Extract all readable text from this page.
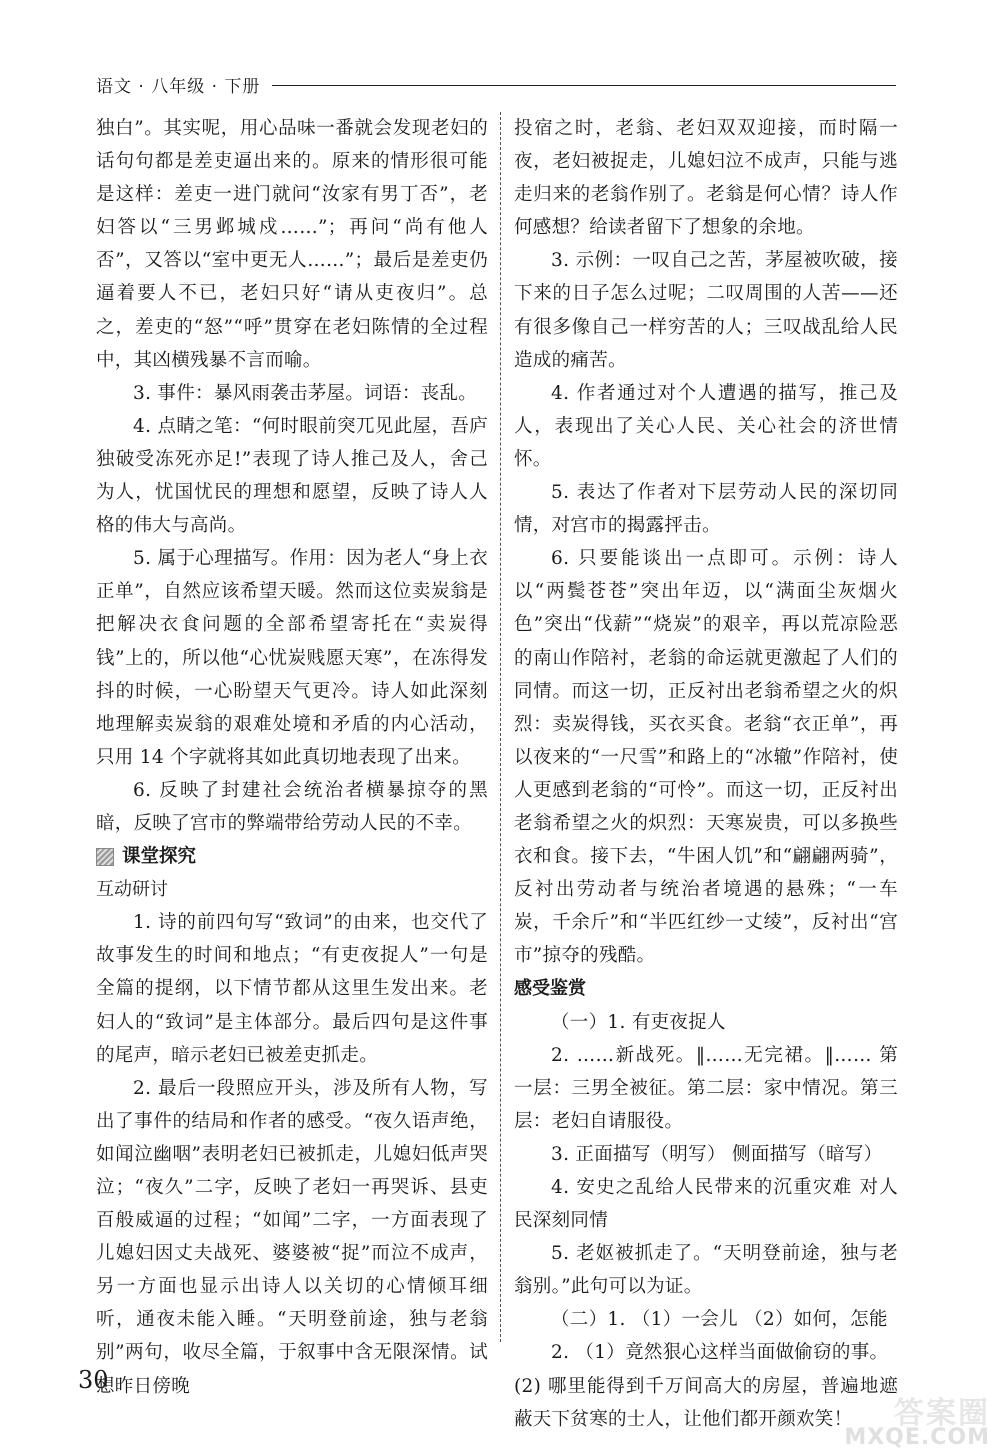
语文 · 八年级 · 下册

独白”。其实呢，用心品味一番就会发现老妇的话句句都是差吏逼出来的。原来的情形很可能是这样：差吏一进门就问“汝家有男丁否”，老妇答以“三男邺城戍……”；再问“尚有他人否”，又答以“室中更无人……”；最后是差吏仍逼着要人不已，老妇只好“请从吏夜归”。总之，差吏的“怒”“呼”贯穿在老妇陈情的全过程中，其凶横残暴不言而喻。

3. 事件：暴风雨袭击茅屋。词语：丧乱。

4. 点睛之笔：“何时眼前突兀见此屋，吾庐独破受冻死亦足!”表现了诗人推己及人，舍己为人，忧国忧民的理想和愿望，反映了诗人人格的伟大与高尚。

5. 属于心理描写。作用：因为老人“身上衣正单”，自然应该希望天暖。然而这位卖炭翁是把解决衣食问题的全部希望寄托在“卖炭得钱”上的，所以他“心忧炭贱愿天寒”，在冻得发抖的时候，一心盼望天气更冷。诗人如此深刻地理解卖炭翁的艰难处境和矛盾的内心活动，只用 14 个字就将其如此真切地表现了出来。

6. 反映了封建社会统治者横暴掠夺的黑暗，反映了宫市的弊端带给劳动人民的不幸。

课堂探究

互动研讨

1. 诗的前四句写“致词”的由来，也交代了故事发生的时间和地点；“有吏夜捉人”一句是全篇的提纲，以下情节都从这里生发出来。老妇人的“致词”是主体部分。最后四句是这件事的尾声，暗示老妇已被差吏抓走。

2. 最后一段照应开头，涉及所有人物，写出了事件的结局和作者的感受。“夜久语声绝，如闻泣幽咽”表明老妇已被抓走，儿媳妇低声哭泣；“夜久”二字，反映了老妇一再哭诉、县吏百般威逼的过程；“如闻”二字，一方面表现了儿媳妇因丈夫战死、婆婆被“捉”而泣不成声，另一方面也显示出诗人以关切的心情倾耳细听，通夜未能入睡。“天明登前途，独与老翁别”两句，收尽全篇，于叙事中含无限深情。试想昨日傍晚

投宿之时，老翁、老妇双双迎接，而时隔一夜，老妇被捉走，儿媳妇泣不成声，只能与逃走归来的老翁作别了。老翁是何心情？诗人作何感想？给读者留下了想象的余地。

3. 示例：一叹自己之苦，茅屋被吹破，接下来的日子怎么过呢；二叹周围的人苦——还有很多像自己一样穷苦的人；三叹战乱给人民造成的痛苦。

4. 作者通过对个人遭遇的描写，推己及人，表现出了关心人民、关心社会的济世情怀。

5. 表达了作者对下层劳动人民的深切同情，对宫市的揭露抨击。

6. 只要能谈出一点即可。示例：诗人以“两鬓苍苍”突出年迈，以“满面尘灰烟火色”突出“伐薪”“烧炭”的艰辛，再以荒凉险恶的南山作陪衬，老翁的命运就更激起了人们的同情。而这一切，正反衬出老翁希望之火的炽烈：卖炭得钱，买衣买食。老翁“衣正单”，再以夜来的“一尺雪”和路上的“冰辙”作陪衬，使人更感到老翁的“可怜”。而这一切，正反衬出老翁希望之火的炽烈：天寒炭贵，可以多换些衣和食。接下去，“牛困人饥”和“翩翩两骑”，反衬出劳动者与统治者境遇的悬殊；“一车炭，千余斤”和“半匹红纱一丈绫”，反衬出“宫市”掠夺的残酷。

感受鉴赏

（一）1. 有吏夜捉人

2. ……新战死。‖……无完裙。‖…… 第一层：三男全被征。第二层：家中情况。第三层：老妇自请服役。

3. 正面描写（明写） 侧面描写（暗写）

4. 安史之乱给人民带来的沉重灾难 对人民深刻同情

5. 老妪被抓走了。“天明登前途，独与老翁别。”此句可以为证。

（二）1. （1）一会儿 （2）如何，怎能

2. （1）竟然狠心这样当面做偷窃的事。

(2) 哪里能得到千万间高大的房屋，普遍地遮蔽天下贫寒的士人，让他们都开颜欢笑！

30
答案圈
MXQE.COM
